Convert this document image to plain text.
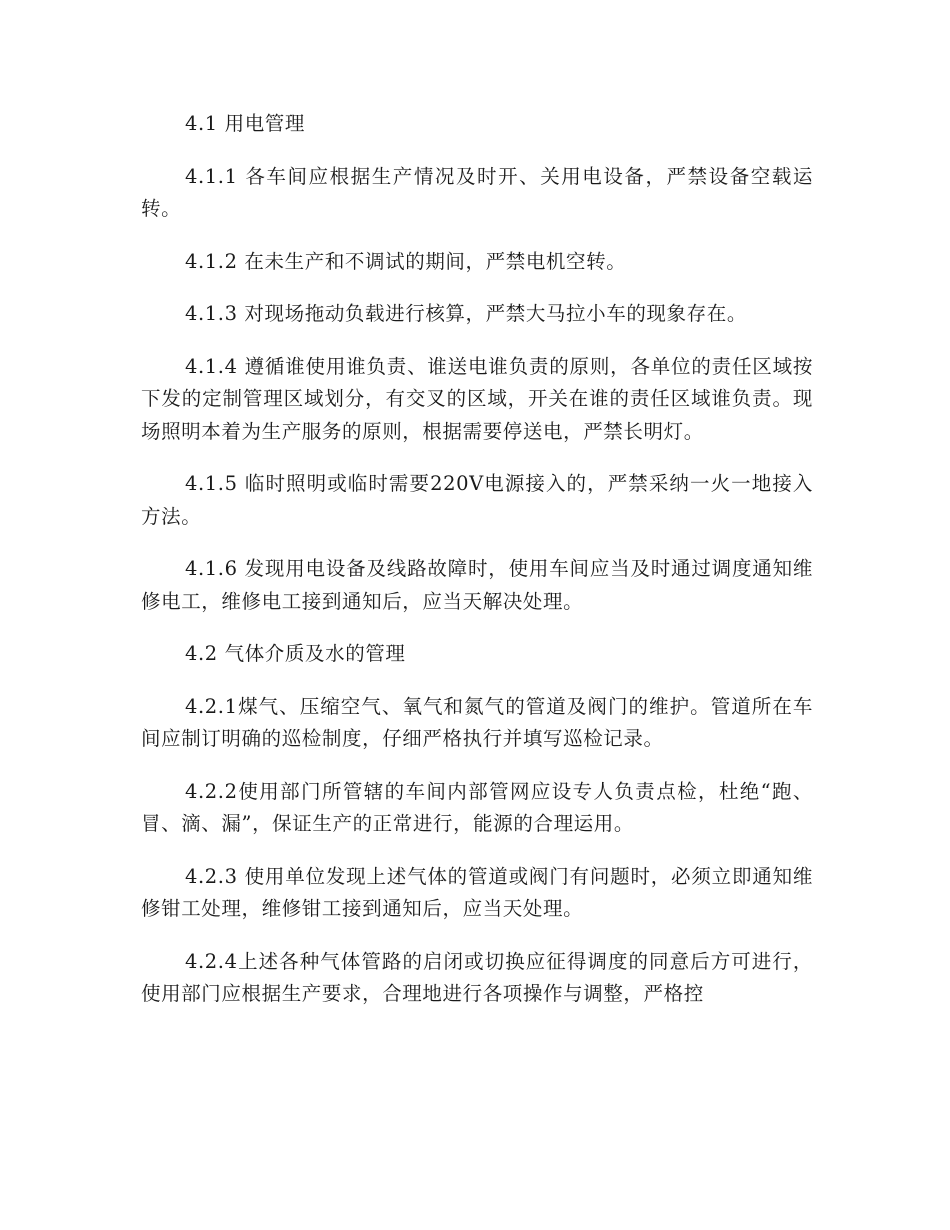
4.1 用电管理

4.1.1 各车间应根据生产情况及时开、关用电设备，严禁设备空载运转。

4.1.2 在未生产和不调试的期间，严禁电机空转。

4.1.3 对现场拖动负载进行核算，严禁大马拉小车的现象存在。

4.1.4 遵循谁使用谁负责、谁送电谁负责的原则，各单位的责任区域按下发的定制管理区域划分，有交叉的区域，开关在谁的责任区域谁负责。现场照明本着为生产服务的原则，根据需要停送电，严禁长明灯。

4.1.5 临时照明或临时需要220V电源接入的，严禁采纳一火一地接入方法。

4.1.6 发现用电设备及线路故障时，使用车间应当及时通过调度通知维修电工，维修电工接到通知后，应当天解决处理。

4.2 气体介质及水的管理

4.2.1煤气、压缩空气、氧气和氮气的管道及阀门的维护。管道所在车间应制订明确的巡检制度，仔细严格执行并填写巡检记录。

4.2.2使用部门所管辖的车间内部管网应设专人负责点检，杜绝“跑、冒、滴、漏”，保证生产的正常进行，能源的合理运用。

4.2.3 使用单位发现上述气体的管道或阀门有问题时，必须立即通知维修钳工处理，维修钳工接到通知后，应当天处理。

4.2.4上述各种气体管路的启闭或切换应征得调度的同意后方可进行，使用部门应根据生产要求，合理地进行各项操作与调整，严格控
